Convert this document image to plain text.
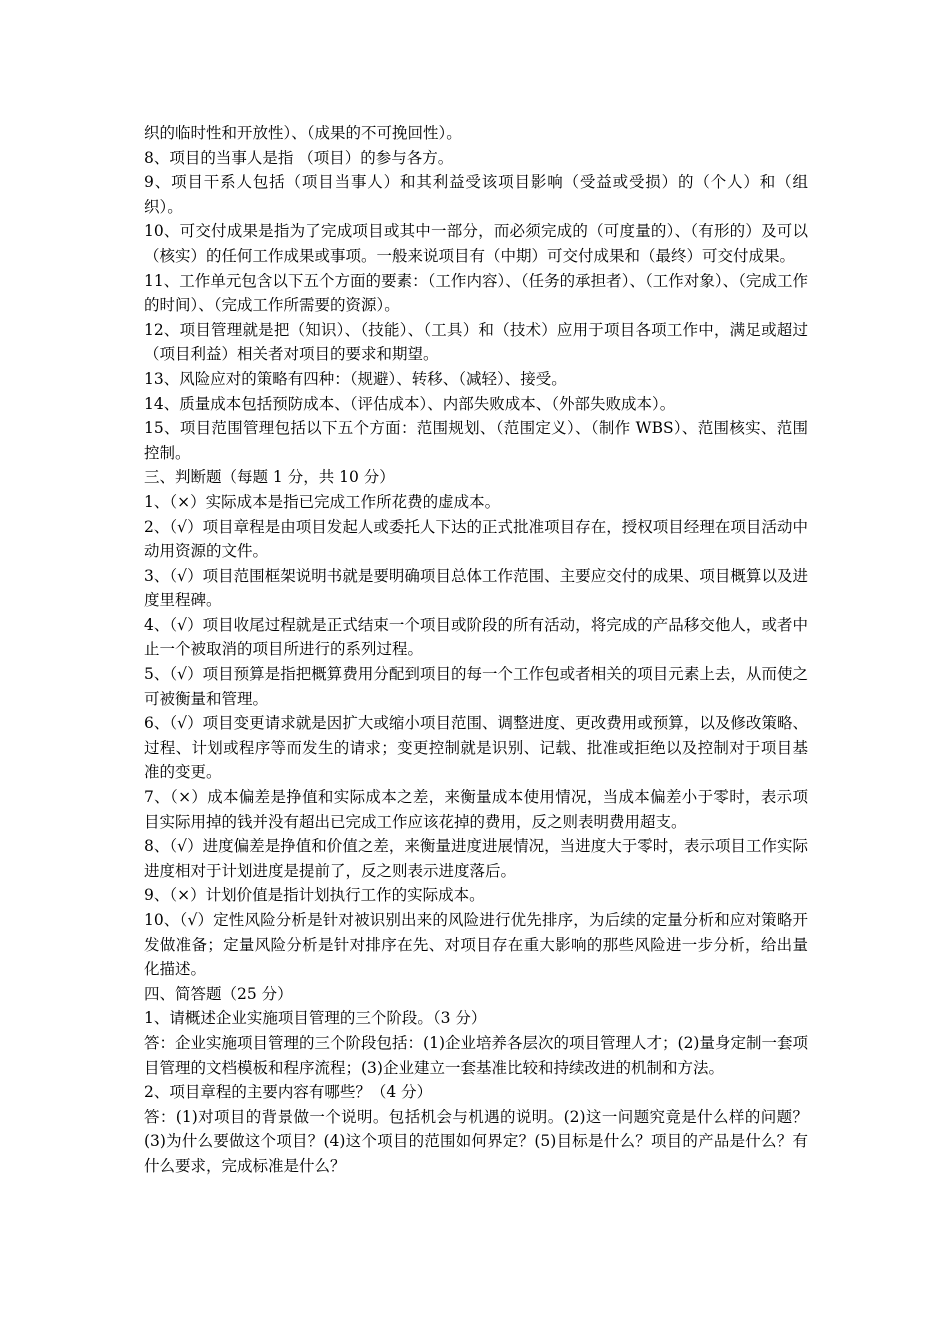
织的临时性和开放性）、（成果的不可挽回性）。

8、项目的当事人是指 （项目）的参与各方。

9、项目干系人包括（项目当事人）和其利益受该项目影响（受益或受损）的（个人）和（组织）。

10、可交付成果是指为了完成项目或其中一部分，而必须完成的（可度量的）、（有形的）及可以（核实）的任何工作成果或事项。一般来说项目有（中期）可交付成果和（最终）可交付成果。

11、工作单元包含以下五个方面的要素：（工作内容）、（任务的承担者）、（工作对象）、（完成工作的时间）、（完成工作所需要的资源）。

12、项目管理就是把（知识）、（技能）、（工具）和（技术）应用于项目各项工作中，满足或超过 （项目利益）相关者对项目的要求和期望。

13、风险应对的策略有四种：（规避）、转移、（减轻）、接受。

14、质量成本包括预防成本、（评估成本）、内部失败成本、（外部失败成本）。

15、项目范围管理包括以下五个方面：范围规划、（范围定义）、（制作 WBS）、范围核实、范围控制。

三、判断题（每题 1 分，共 10 分）

1、（×）实际成本是指已完成工作所花费的虚成本。

2、（√）项目章程是由项目发起人或委托人下达的正式批准项目存在，授权项目经理在项目活动中动用资源的文件。

3、（√）项目范围框架说明书就是要明确项目总体工作范围、主要应交付的成果、项目概算以及进度里程碑。

4、（√）项目收尾过程就是正式结束一个项目或阶段的所有活动，将完成的产品移交他人，或者中止一个被取消的项目所进行的系列过程。

5、（√）项目预算是指把概算费用分配到项目的每一个工作包或者相关的项目元素上去，从而使之可被衡量和管理。

6、（√）项目变更请求就是因扩大或缩小项目范围、调整进度、更改费用或预算，以及修改策略、过程、计划或程序等而发生的请求；变更控制就是识别、记载、批准或拒绝以及控制对于项目基准的变更。

7、（×）成本偏差是挣值和实际成本之差，来衡量成本使用情况，当成本偏差小于零时，表示项目实际用掉的钱并没有超出已完成工作应该花掉的费用，反之则表明费用超支。

8、（√）进度偏差是挣值和价值之差，来衡量进度进展情况，当进度大于零时，表示项目工作实际进度相对于计划进度是提前了，反之则表示进度落后。

9、（×）计划价值是指计划执行工作的实际成本。

10、（√）定性风险分析是针对被识别出来的风险进行优先排序，为后续的定量分析和应对策略开发做准备；定量风险分析是针对排序在先、对项目存在重大影响的那些风险进一步分析，给出量化描述。

四、简答题（25 分）

1、请概述企业实施项目管理的三个阶段。（3 分）

答：企业实施项目管理的三个阶段包括：(1)企业培养各层次的项目管理人才；(2)量身定制一套项目管理的文档模板和程序流程；(3)企业建立一套基准比较和持续改进的机制和方法。

2、项目章程的主要内容有哪些？（4 分）

答：(1)对项目的背景做一个说明。包括机会与机遇的说明。(2)这一问题究竟是什么样的问题？(3)为什么要做这个项目？(4)这个项目的范围如何界定？(5)目标是什么？项目的产品是什么？有什么要求，完成标准是什么？
